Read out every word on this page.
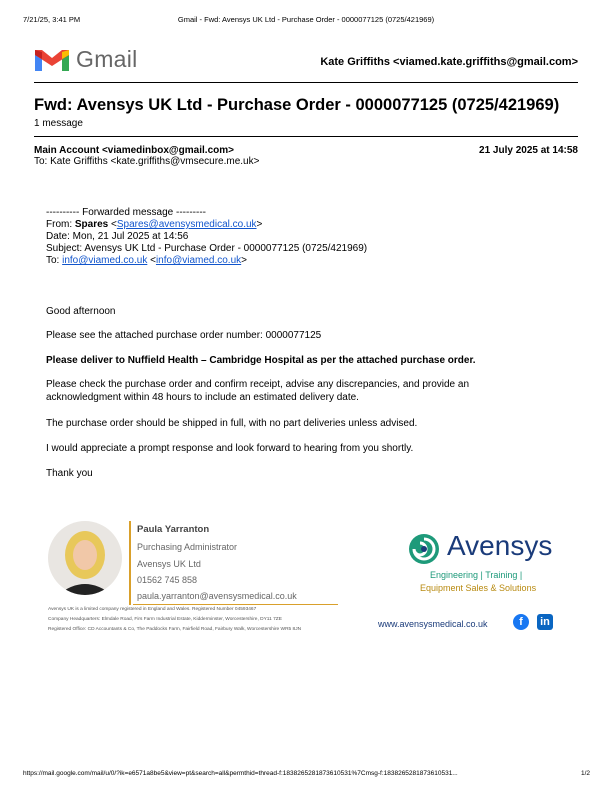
7/21/25, 3:41 PM	Gmail - Fwd: Avensys UK Ltd - Purchase Order - 0000077125 (0725/421969)
Gmail	Kate Griffiths <viamed.kate.griffiths@gmail.com>
Fwd: Avensys UK Ltd - Purchase Order - 0000077125 (0725/421969)
1 message
Main Account <viamedinbox@gmail.com>	21 July 2025 at 14:58
To: Kate Griffiths <kate.griffiths@vmsecure.me.uk>
---------- Forwarded message ---------
From: Spares <Spares@avensysmedical.co.uk>
Date: Mon, 21 Jul 2025 at 14:56
Subject: Avensys UK Ltd - Purchase Order - 0000077125 (0725/421969)
To: info@viamed.co.uk <info@viamed.co.uk>
Good afternoon
Please see the attached purchase order number: 0000077125
Please deliver to Nuffield Health – Cambridge Hospital as per the attached purchase order.
Please check the purchase order and confirm receipt, advise any discrepancies, and provide an acknowledgment within 48 hours to include an estimated delivery date.
The purchase order should be shipped in full, with no part deliveries unless advised.
I would appreciate a prompt response and look forward to hearing from you shortly.
Thank you
Paula Yarranton
Purchasing Administrator
Avensys UK Ltd
01562 745 858
paula.yarranton@avensysmedical.co.uk
Avensys
Engineering | Training |
Equipment Sales & Solutions
Avensys UK is a limited company registered in England and Wales. Registered Number 04593467
Company Headquarters: Elmdale Road, Firs Farm Industrial Estate, Kidderminster, Worcestershire, DY11 7ZE
Registered Office: CD Accountants & Co, The Paddocks Farm, Fairfield Road, Fairbury Walk, Worcestershire WR5 8JN
www.avensysmedical.co.uk	f	in
https://mail.google.com/mail/u/0/?ik=e6571a8be5&view=pt&search=all&permthid=thread-f:1838265281873610531%7Cmsg-f:1838265281873610531...	1/2
